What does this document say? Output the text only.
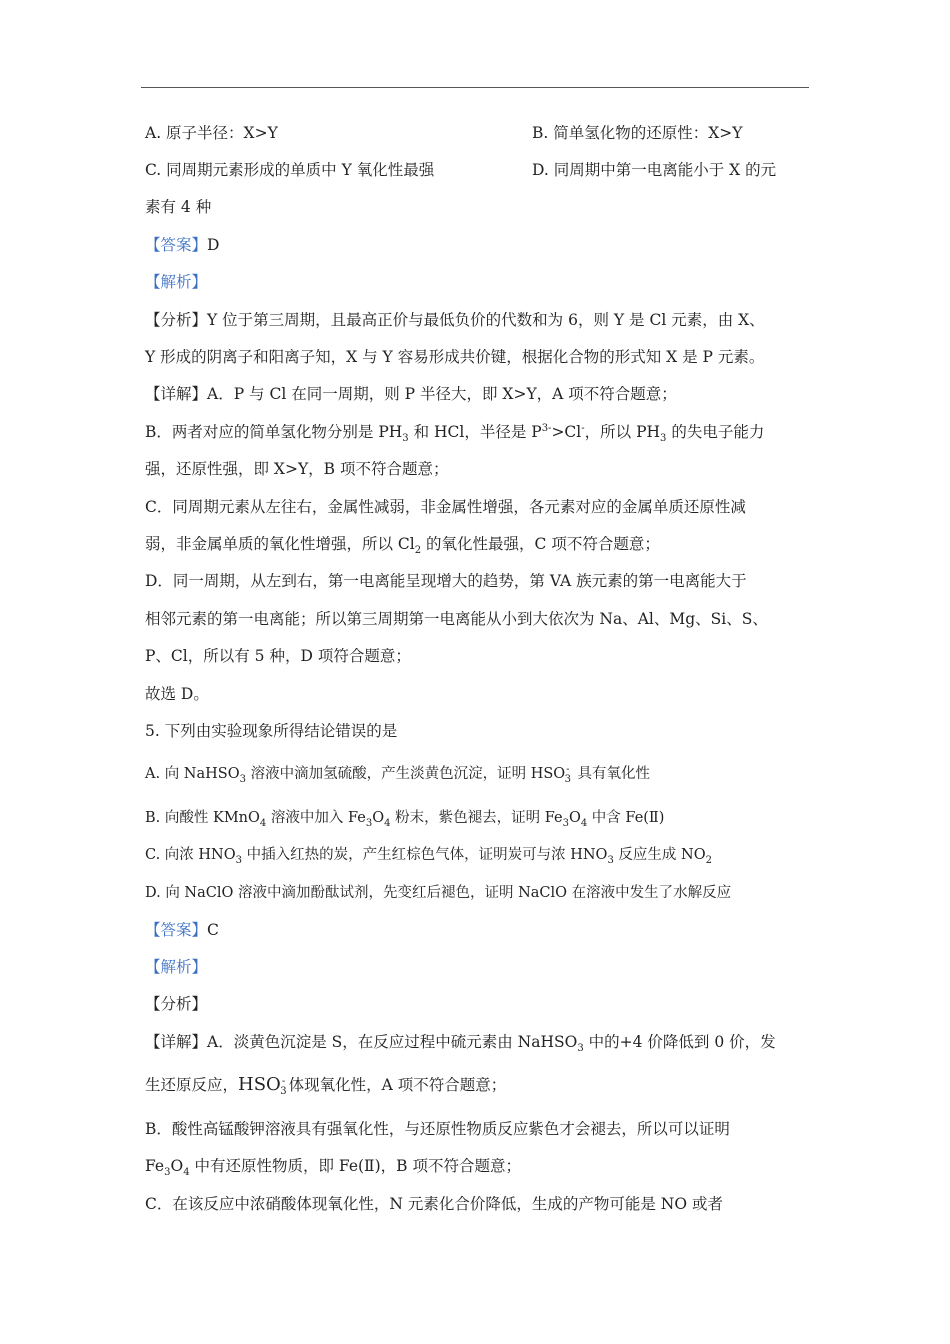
A. 原子半径：X>Y	B. 简单氢化物的还原性：X>Y
C. 同周期元素形成的单质中 Y 氧化性最强	D. 同周期中第一电离能小于 X 的元
素有 4 种
【答案】D
【解析】
【分析】Y 位于第三周期，且最高正价与最低负价的代数和为 6，则 Y 是 Cl 元素，由 X、
Y 形成的阴离子和阳离子知，X 与 Y 容易形成共价键，根据化合物的形式知 X 是 P 元素。
【详解】A．P 与 Cl 在同一周期，则 P 半径大，即 X>Y，A 项不符合题意；
B．两者对应的简单氢化物分别是 $PH_3$ 和 HCl，半径是 $P^{3-}>Cl^-$，所以 $PH_3$ 的失电子能力
强，还原性强，即 X>Y，B 项不符合题意；
C．同周期元素从左往右，金属性减弱，非金属性增强，各元素对应的金属单质还原性减
弱，非金属单质的氧化性增强，所以 $Cl_2$ 的氧化性最强，C 项不符合题意；
D．同一周期，从左到右，第一电离能呈现增大的趋势，第 VA 族元素的第一电离能大于
相邻元素的第一电离能；所以第三周期第一电离能从小到大依次为 Na、Al、Mg、Si、S、
P、Cl，所以有 5 种，D 项符合题意；
故选 D。
5. 下列由实验现象所得结论错误的是
A. 向 NaHSO$_3$ 溶液中滴加氢硫酸，产生淡黄色沉淀，证明 $HSO^-_3$ 具有氧化性
B. 向酸性 KMnO$_4$ 溶液中加入 $Fe_3O_4$ 粉末，紫色褪去，证明 $Fe_3O_4$ 中含 Fe(Ⅱ)
C. 向浓 $HNO_3$ 中插入红热的炭，产生红棕色气体，证明炭可与浓 $HNO_3$ 反应生成 $NO_2$
D. 向 NaClO 溶液中滴加酚酞试剂，先变红后褪色，证明 NaClO 在溶液中发生了水解反应
【答案】C
【解析】
【分析】
【详解】A．淡黄色沉淀是 S，在反应过程中硫元素由 NaHSO$_3$ 中的+4 价降低到 0 价，发
生还原反应，$HSO^-_3$ 体现氧化性，A 项不符合题意；
B．酸性高锰酸钾溶液具有强氧化性，与还原性物质反应紫色才会褪去，所以可以证明
$Fe_3O_4$ 中有还原性物质，即 Fe(Ⅱ)，B 项不符合题意；
C．在该反应中浓硝酸体现氧化性，N 元素化合价降低，生成的产物可能是 NO 或者
